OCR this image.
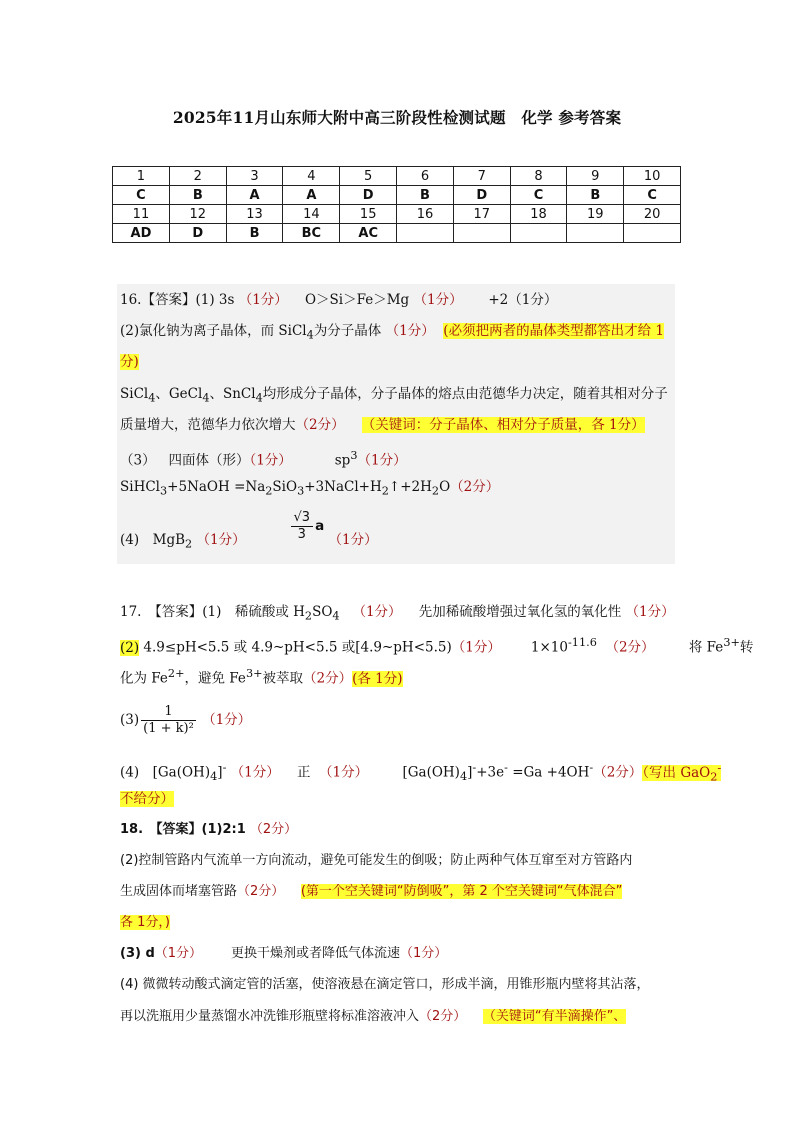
2025年11月山东师大附中高三阶段性检测试题　化学 参考答案
1	2	3	4	5	6	7	8	9	10
C	B	A	A	D	B	D	C	B	C
11	12	13	14	15	16	17	18	19	20
AD	D	B	BC	AC					
16.【答案】(1) 3s （1分） O＞Si＞Fe＞Mg （1分） +2（1分）
(2)氯化钠为离子晶体，而 SiCl$_4$为分子晶体 （1分） (必须把两者的晶体类型都答出才给 1
分)
SiCl$_4$、GeCl$_4$、SnCl$_4$均形成分子晶体，分子晶体的熔点由范德华力决定，随着其相对分子
质量增大，范德华力依次增大（2分） （关键词：分子晶体、相对分子质量，各 1分）
（3） 四面体（形）（1分）	$sp^3(1$分）
SiHCl$_3$+5NaOH $=Na_2SiO_3+3NaCl+H_2↑+2H_2O(2$分）
(4)　MgB$_2$ （1分）	$\frac{√3}{3}$ a （1分）
17.　【答案】(1)　稀硫酸或 $H_2SO_4$ （1分） 先加稀硫酸增强过氧化氢的氧化性 （1分）
(2) 4.9≤pH<5.5 或 4.9~pH<5.5 或[4.9~pH<5.5)（1分） $1\times 10^{-11.6}$ （2分）	将 $Fe^{3+}$转
化为 $Fe^{2+}$，避免 $Fe^{3+}$被萃取（2分）(各 1分)
$(3) \frac{1}{\text{(1 + k)²}} (1$分）
(4)　$[Ga(OH)_4]^-$ （1分） 正 （1分）	$[Ga(OH)_4]^-+3e^- =Ga +4OH^-(2$分）（写出 GaO$_2$-
不给分）
18.　【答案】(1)2:1 （2分）
(2)控制管路内气流单一方向流动，避免可能发生的倒吸；防止两种气体互窜至对方管路内
生成固体而堵塞管路（2分） (第一个空关键词“防倒吸”，第 2 个空关键词“气体混合”
各 1分，)
(3) d（1分） 更换干燥剂或者降低气体流速（1分）
(4) 微微转动酸式滴定管的活塞，使溶液悬在滴定管口，形成半滴，用锥形瓶内壁将其沾落，
再以洗瓶用少量蒸馏水冲洗锥形瓶壁将标准溶液冲入（2分） （关键词“有半滴操作”、
